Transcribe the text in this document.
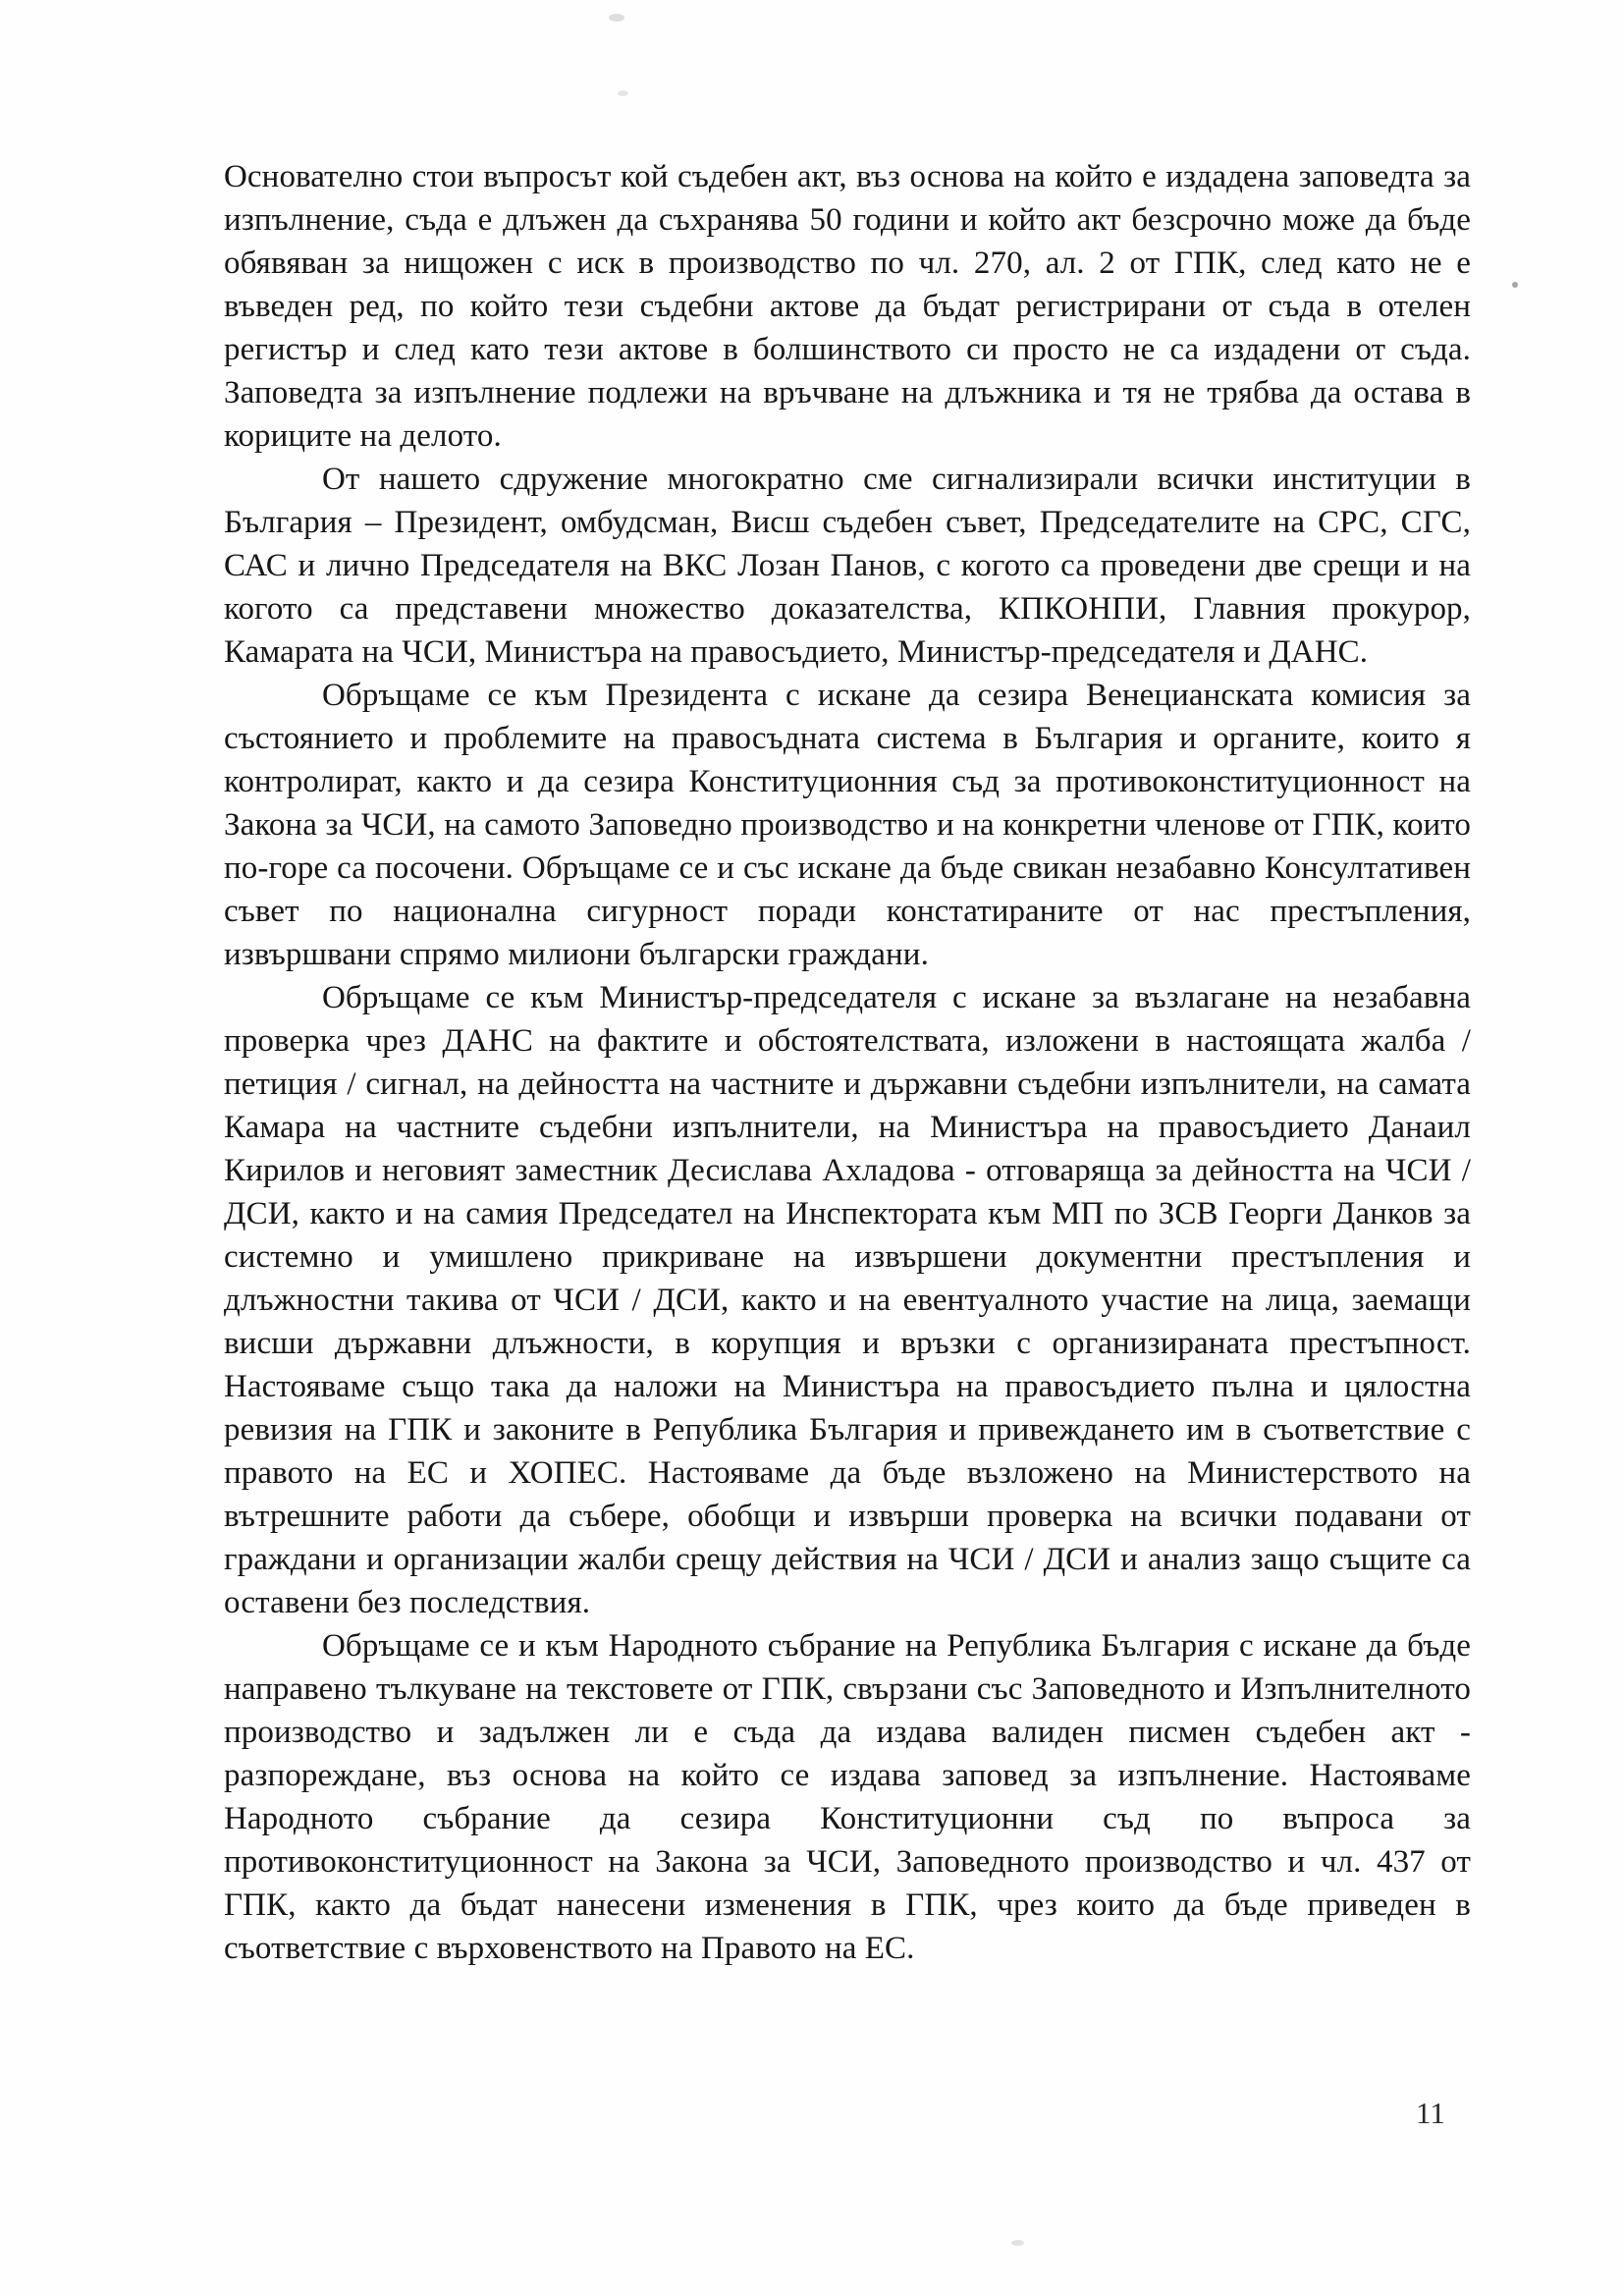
Основателно стои въпросът кой съдебен акт, въз основа на който е издадена заповедта за изпълнение, съда е длъжен да съхранява 50 години и който акт безсрочно може да бъде обявяван за нищожен с иск в производство по чл. 270, ал. 2 от ГПК, след като не е въведен ред, по който тези съдебни актове да бъдат регистрирани от съда в отелен регистър и след като тези актове в болшинството си просто не са издадени от съда. Заповедта за изпълнение подлежи на връчване на длъжника и тя не трябва да остава в кориците на делото.

От нашето сдружение многократно сме сигнализирали всички институции в България – Президент, омбудсман, Висш съдебен съвет, Председателите на СРС, СГС, САС и лично Председателя на ВКС Лозан Панов, с когото са проведени две срещи и на когото са представени множество доказателства, КПКОНПИ, Главния прокурор, Камарата на ЧСИ, Министъра на правосъдието, Министър-председателя и ДАНС.

Обръщаме се към Президента с искане да сезира Венецианската комисия за състоянието и проблемите на правосъдната система в България и органите, които я контролират, както и да сезира Конституционния съд за противоконституционност на Закона за ЧСИ, на самото Заповедно производство и на конкретни членове от ГПК, които по-горе са посочени. Обръщаме се и със искане да бъде свикан незабавно Консултативен съвет по национална сигурност поради констатираните от нас престъпления, извършвани спрямо милиони български граждани.

Обръщаме се към Министър-председателя с искане за възлагане на незабавна проверка чрез ДАНС на фактите и обстоятелствата, изложени в настоящата жалба / петиция / сигнал, на дейността на частните и държавни съдебни изпълнители, на самата Камара на частните съдебни изпълнители, на Министъра на правосъдието Данаил Кирилов и неговият заместник Десислава Ахладова - отговаряща за дейността на ЧСИ / ДСИ, както и на самия Председател на Инспектората към МП по ЗСВ Георги Данков за системно и умишлено прикриване на извършени документни престъпления и длъжностни такива от ЧСИ / ДСИ, както и на евентуалното участие на лица, заемащи висши държавни длъжности, в корупция и връзки с организираната престъпност. Настояваме също така да наложи на Министъра на правосъдието пълна и цялостна ревизия на ГПК и законите в Република България и привеждането им в съответствие с правото на ЕС и ХОПЕС. Настояваме да бъде възложено на Министерството на вътрешните работи да събере, обобщи и извърши проверка на всички подавани от граждани и организации жалби срещу действия на ЧСИ / ДСИ и анализ защо същите са оставени без последствия.

Обръщаме се и към Народното събрание на Република България с искане да бъде направено тълкуване на текстовете от ГПК, свързани със Заповедното и Изпълнителното производство и задължен ли е съда да издава валиден писмен съдебен акт - разпореждане, въз основа на който се издава заповед за изпълнение. Настояваме Народното събрание да сезира Конституционни съд по въпроса за противоконституционност на Закона за ЧСИ, Заповедното производство и чл. 437 от ГПК, както да бъдат нанесени изменения в ГПК, чрез които да бъде приведен в съответствие с върховенството на Правото на ЕС.

11
